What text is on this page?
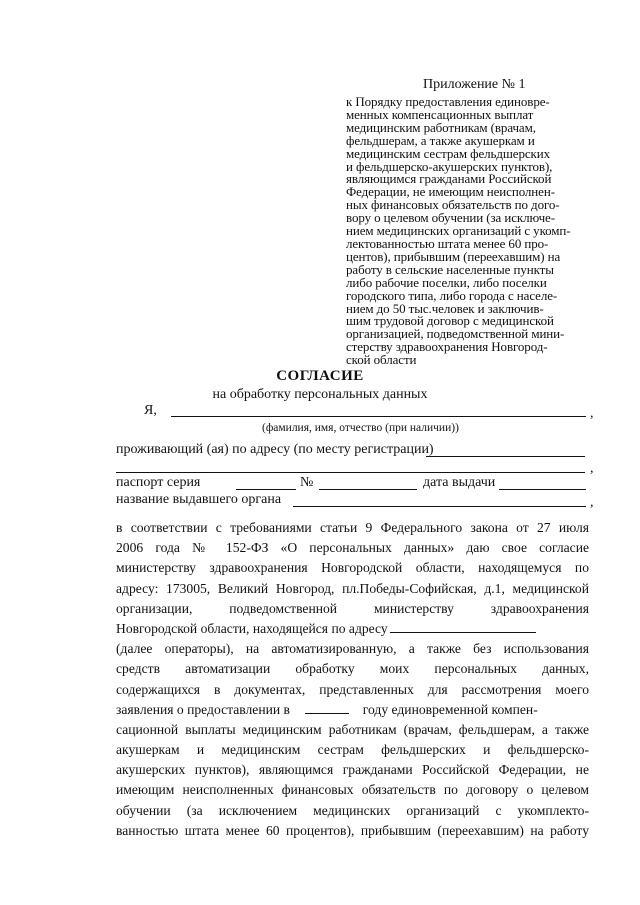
Приложение № 1
к Порядку предоставления единовре-
менных компенсационных выплат
медицинским работникам (врачам,
фельдшерам, а также акушеркам и
медицинским сестрам фельдшерских
и фельдшерско-акушерских пунктов),
являющимся гражданами Российской
Федерации, не имеющим неисполнен-
ных финансовых обязательств по дого-
вору о целевом обучении (за исключе-
нием медицинских организаций с укомп-
лектованностью штата менее 60 про-
центов), прибывшим (переехавшим) на
работу в сельские населенные пункты
либо рабочие поселки, либо поселки
городского типа, либо города с населе-
нием до 50 тыс.человек и заключив-
шим трудовой договор с медицинской
организацией, подведомственной мини-
стерству здравоохранения Новгород-
ской области
СОГЛАСИЕ
на обработку персональных данных
Я,	,
(фамилия, имя, отчество (при наличии))
проживающий (ая) по адресу (по месту регистрации)
,
паспорт серия	№	дата выдачи
название выдавшего органа	,
в соответствии с требованиями статьи 9 Федерального закона от 27 июля
2006 года № 152-ФЗ «О персональных данных» даю свое согласие
министерству здравоохранения Новгородской области, находящемуся по
адресу: 173005, Великий Новгород, пл.Победы-Софийская, д.1, медицинской
организации, подведомственной министерству здравоохранения
Новгородской области, находящейся по адресу
(далее операторы), на автоматизированную, а также без использования
средств автоматизации обработку моих персональных данных,
содержащихся в документах, представленных для рассмотрения моего
заявления о предоставлении в	году единовременной компен-
сационной выплаты медицинским работникам (врачам, фельдшерам, а также
акушеркам и медицинским сестрам фельдшерских и фельдшерско-
акушерских пунктов), являющимся гражданами Российской Федерации, не
имеющим неисполненных финансовых обязательств по договору о целевом
обучении (за исключением медицинских организаций с укомплекто-
ванностью штата менее 60 процентов), прибывшим (переехавшим) на работу
